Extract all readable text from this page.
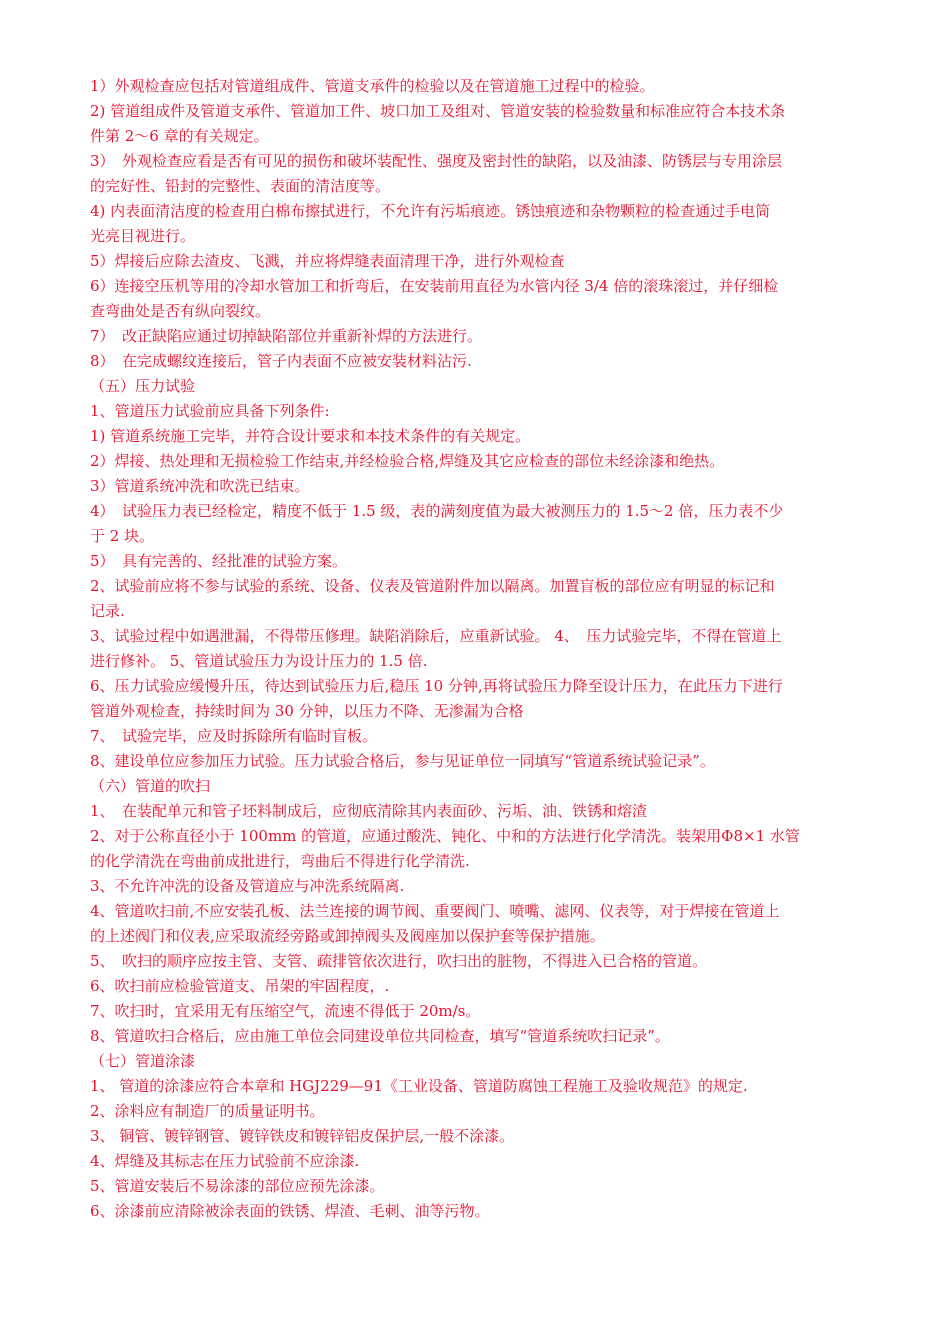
1）外观检查应包括对管道组成件、管道支承件的检验以及在管道施工过程中的检验。
2) 管道组成件及管道支承件、管道加工件、坡口加工及组对、管道安装的检验数量和标准应符合本技术条
件第 2～6 章的有关规定。
3）　外观检查应看是否有可见的损伤和破坏装配性、强度及密封性的缺陷，以及油漆、防锈层与专用涂层
的完好性、铅封的完整性、表面的清洁度等。
4) 内表面清洁度的检查用白棉布擦拭进行，不允许有污垢痕迹。锈蚀痕迹和杂物颗粒的检查通过手电筒
光亮目视进行。
5）焊接后应除去渣皮、飞溅，并应将焊缝表面清理干净，进行外观检查
6）连接空压机等用的冷却水管加工和折弯后，在安装前用直径为水管内径 3/4 倍的滚珠滚过，并仔细检
查弯曲处是否有纵向裂纹。
7）　改正缺陷应通过切掉缺陷部位并重新补焊的方法进行。
8）　在完成螺纹连接后，管子内表面不应被安装材料沾污.
（五）压力试验
1、管道压力试验前应具备下列条件:
1) 管道系统施工完毕，并符合设计要求和本技术条件的有关规定。
2）焊接、热处理和无损检验工作结束,并经检验合格,焊缝及其它应检查的部位未经涂漆和绝热。
3）管道系统冲洗和吹洗已结束。
4）　试验压力表已经检定，精度不低于 1.5 级，表的满刻度值为最大被测压力的 1.5～2 倍，压力表不少
于 2 块。
5）　具有完善的、经批准的试验方案。
2、试验前应将不参与试验的系统、设备、仪表及管道附件加以隔离。加置盲板的部位应有明显的标记和
记录.
3、试验过程中如遇泄漏，不得带压修理。缺陷消除后，应重新试验。 4、　压力试验完毕，不得在管道上
进行修补。 5、管道试验压力为设计压力的 1.5 倍.
6、压力试验应缓慢升压，待达到试验压力后,稳压 10 分钟,再将试验压力降至设计压力，在此压力下进行
管道外观检查，持续时间为 30 分钟，以压力不降、无渗漏为合格
7、　试验完毕，应及时拆除所有临时盲板。
8、建设单位应参加压力试验。压力试验合格后，参与见证单位一同填写“管道系统试验记录”。
（六）管道的吹扫
1、　在装配单元和管子坯料制成后，应彻底清除其内表面砂、污垢、油、铁锈和熔渣
2、对于公称直径小于 100mm 的管道，应通过酸洗、钝化、中和的方法进行化学清洗。装架用Φ8×1 水管
的化学清洗在弯曲前成批进行，弯曲后不得进行化学清洗.
3、不允许冲洗的设备及管道应与冲洗系统隔离.
4、管道吹扫前,不应安装孔板、法兰连接的调节阀、重要阀门、喷嘴、滤网、仪表等，对于焊接在管道上
的上述阀门和仪表,应采取流经旁路或卸掉阀头及阀座加以保护套等保护措施。
5、　吹扫的顺序应按主管、支管、疏排管依次进行，吹扫出的脏物，不得进入已合格的管道。
6、吹扫前应检验管道支、吊架的牢固程度，.
7、吹扫时，宜采用无有压缩空气，流速不得低于 20m/s。
8、管道吹扫合格后，应由施工单位会同建设单位共同检查，填写“管道系统吹扫记录”。
（七）管道涂漆
1、 管道的涂漆应符合本章和 HGJ229—91《工业设备、管道防腐蚀工程施工及验收规范》的规定.
2、涂料应有制造厂的质量证明书。
3、 铜管、镀锌钢管、镀锌铁皮和镀锌铝皮保护层,一般不涂漆。
4、焊缝及其标志在压力试验前不应涂漆.
5、管道安装后不易涂漆的部位应预先涂漆。
6、涂漆前应清除被涂表面的铁锈、焊渣、毛刺、油等污物。
